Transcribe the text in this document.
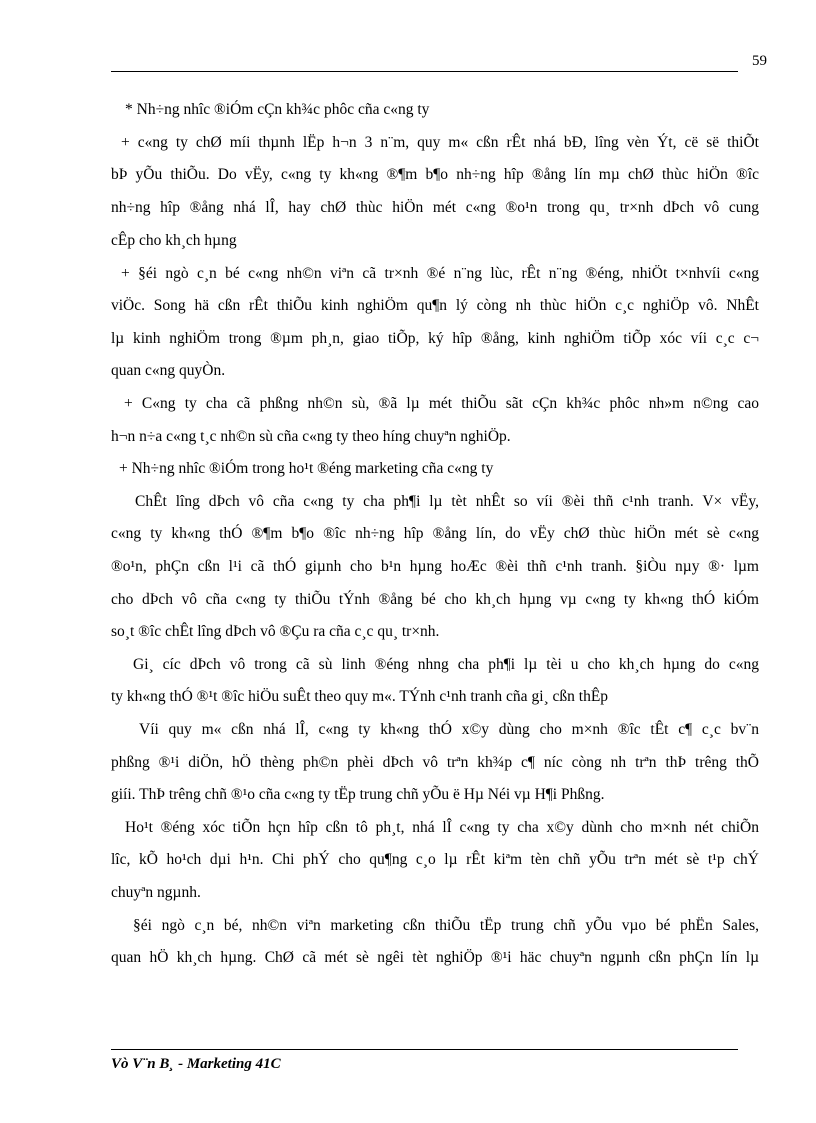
59
* Nh÷ng nhîc ®iÓm cÇn kh¾c phôc cña c«ng ty
+ c«ng ty chØ míi thµnh lËp h¬n 3 n¨m, quy m« cßn rÊt nhá bÐ, lîng vèn Ýt, cë së thiÕt
bÞ yÕu thiÕu. Do vËy, c«ng ty kh«ng ®¶m b¶o nh÷ng hîp ®ång lín mµ chØ thùc hiÖn ®îc
nh÷ng hîp ®ång nhá lÎ, hay chØ thùc hiÖn mét c«ng ®o¹n trong qu¸ tr×nh dÞch vô cung
cÊp cho kh¸ch hµng
+ §éi ngò c¸n bé c«ng nh©n viªn cã tr×nh ®é n¨ng lùc, rÊt n¨ng ®éng, nhiÖt t×nhvíi c«ng
viÖc. Song hä cßn rÊt thiÕu kinh nghiÖm qu¶n lý còng nh thùc hiÖn c¸c nghiÖp vô. NhÊt
lµ kinh nghiÖm trong ®µm ph¸n, giao tiÕp, ký hîp ®ång, kinh nghiÖm tiÕp xóc víi c¸c c¬
quan c«ng quyÒn.
+ C«ng ty cha cã phßng nh©n sù, ®ã lµ mét thiÕu sãt cÇn kh¾c phôc nh»m n©ng cao
h¬n n÷a c«ng t¸c nh©n sù cña c«ng ty theo híng chuyªn nghiÖp.
+ Nh÷ng nhîc ®iÓm trong ho¹t ®éng marketing cña c«ng ty
ChÊt lîng dÞch vô cña c«ng ty cha ph¶i lµ tèt nhÊt so víi ®èi thñ c¹nh tranh. V× vËy,
c«ng ty kh«ng thÓ ®¶m b¶o ®îc nh÷ng hîp ®ång lín, do vËy chØ thùc hiÖn mét sè c«ng
®o¹n, phÇn cßn l¹i cã thÓ giµnh cho b¹n hµng hoÆc ®èi thñ c¹nh tranh. §iÒu nµy ®· lµm
cho dÞch vô cña c«ng ty thiÕu tÝnh ®ång bé cho kh¸ch hµng vµ c«ng ty kh«ng thÓ kiÓm
so¸t ®îc chÊt lîng dÞch vô ®Çu ra cña c¸c qu¸ tr×nh.
Gi¸ cíc dÞch vô trong cã sù linh ®éng nhng cha ph¶i lµ tèi u cho kh¸ch hµng do c«ng
ty kh«ng thÓ ®¹t ®îc hiÖu suÊt theo quy m«. TÝnh c¹nh tranh cña gi¸ cßn thÊp
Víi quy m« cßn nhá lÎ, c«ng ty kh«ng thÓ x©y dùng cho m×nh ®îc tÊt c¶ c¸c bv¨n
phßng ®¹i diÖn, hÖ thèng ph©n phèi dÞch vô trªn kh¾p c¶ níc còng nh trªn thÞ trêng thÕ
giíi. ThÞ trêng chñ ®¹o cña c«ng ty tËp trung chñ yÕu ë Hµ Néi vµ H¶i Phßng.
Ho¹t ®éng xóc tiÕn hçn hîp cßn tô ph¸t, nhá lÎ c«ng ty cha x©y dùnh cho m×nh nét chiÕn
lîc, kÕ ho¹ch dµi h¹n. Chi phÝ cho qu¶ng c¸o lµ rÊt kiªm tèn chñ yÕu trªn mét sè t¹p chÝ
chuyªn ngµnh.
§éi ngò c¸n bé, nh©n viªn marketing cßn thiÕu tËp trung chñ yÕu vµo bé phËn Sales,
quan hÖ kh¸ch hµng. ChØ cã mét sè ngêi tèt nghiÖp ®¹i häc chuyªn ngµnh cßn phÇn lín lµ
Vò V¨n B¸ - Marketing 41C
